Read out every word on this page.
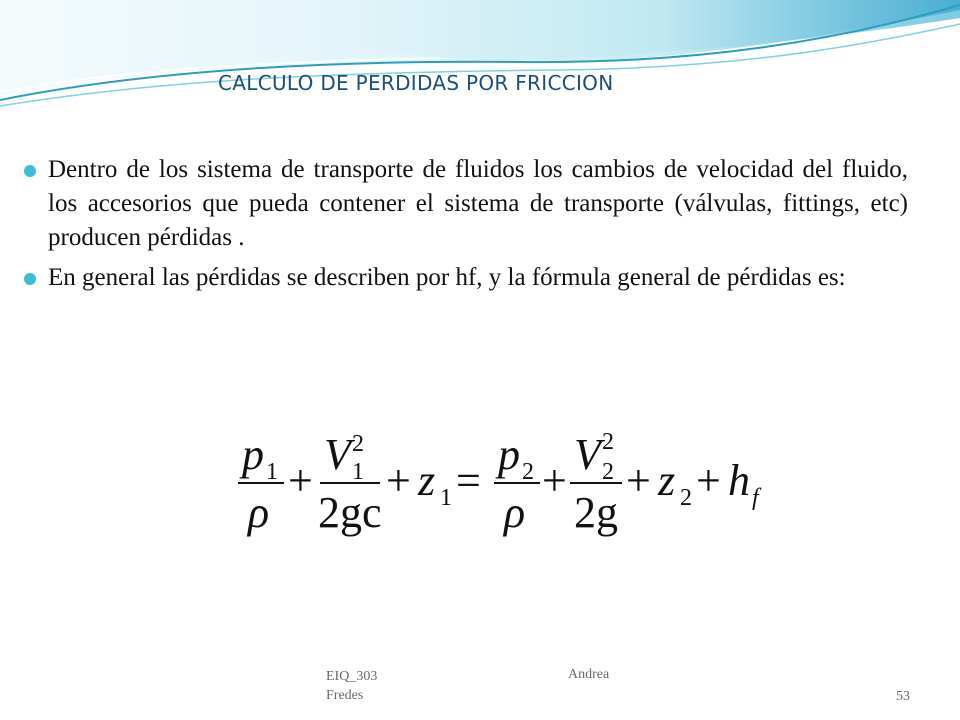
CALCULO DE PERDIDAS POR FRICCION
Dentro de los sistema de transporte de fluidos los cambios de velocidad del fluido, los accesorios que pueda contener el sistema de transporte (válvulas, fittings, etc) producen pérdidas .
En general las pérdidas se describen por hf, y la fórmula general de pérdidas es:
p 1
ρ
+
V 2
1
2gc
+ z 1 =
p 2
ρ
+
V 2
2
2g
+ z 2 + h f
EIQ_303
Fredes
Andrea
53
